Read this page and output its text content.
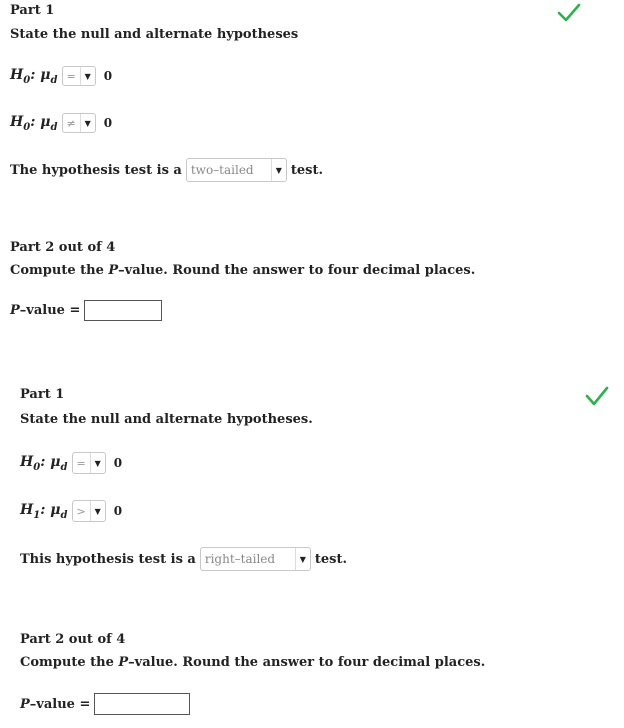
Part 1
State the null and alternate hypotheses
$H_0$: $\mu_d$ =	▼	0
$H_0$: $\mu_d$ ≠	▼	0
The hypothesis test is a two–tailed	▼ test.
Part 2 out of 4
Compute the P–value. Round the answer to four decimal places.
P–value =
Part 1
State the null and alternate hypotheses.
$H_0$: $\mu_d$ =	▼	0
$H_1$: $\mu_d$ >	▼	0
This hypothesis test is a right–tailed	▼ test.
Part 2 out of 4
Compute the P–value. Round the answer to four decimal places.
P–value =
